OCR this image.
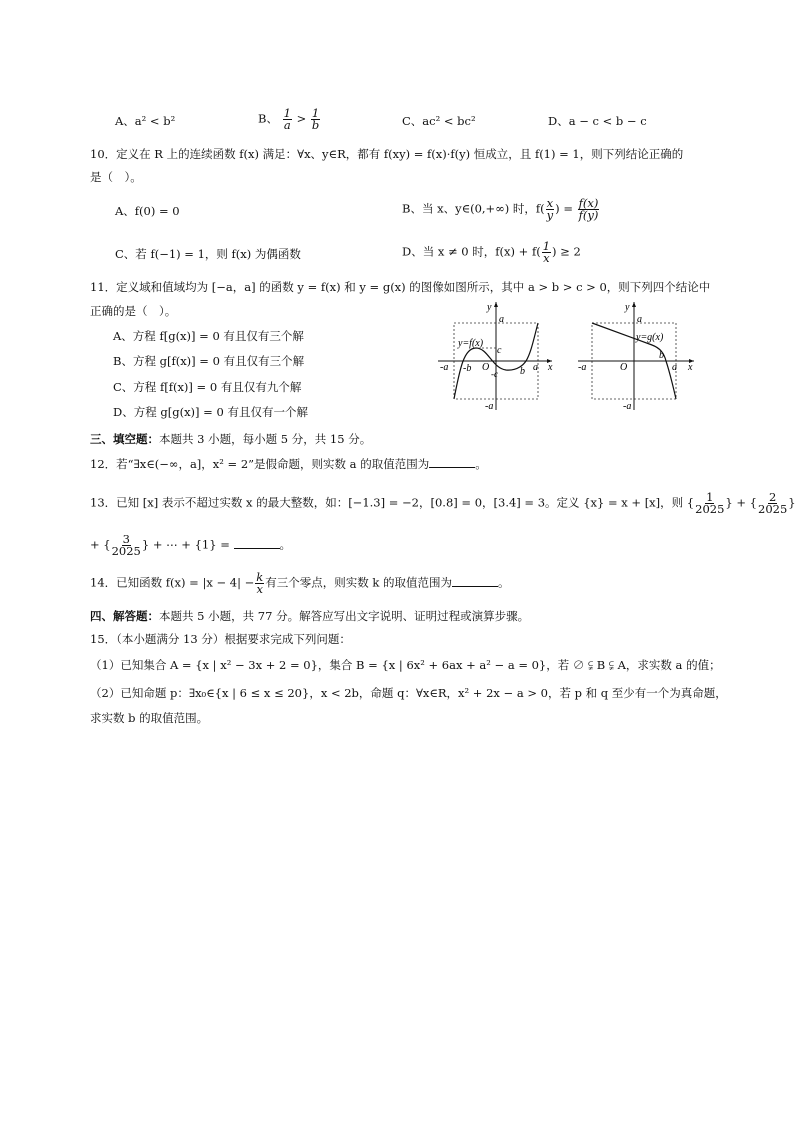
A、a² < b²	B、 $\frac{1}{a} > \frac{1}{b}$	C、ac² < bc²	D、a − c < b − c
10．定义在 R 上的连续函数 f(x) 满足：∀x、y∈R，都有 f(xy) = f(x)·f(y) 恒成立，且 f(1) = 1，则下列结论正确的
是（　）。
A、f(0) = 0	B、当 x、y∈(0,+∞) 时，$f( \frac{x}{y}$ ) = $\frac{f(x)}{f(y)}$
C、若 f(−1) = 1，则 f(x) 为偶函数	D、当 x ≠ 0 时，$f(x) + f( \frac{1}{x}$ ) ≥ 2
11．定义域和值域均为 [−a，a] 的函数 y = f(x) 和 y = g(x) 的图像如图所示，其中 a > b > c > 0，则下列四个结论中
正确的是（　）。
A、方程 f[g(x)] = 0 有且仅有三个解
B、方程 g[f(x)] = 0 有且仅有三个解
C、方程 f[f(x)] = 0 有且仅有九个解
D、方程 g[g(x)] = 0 有且仅有一个解
y
x
a
-a	a
-a
y=f(x)
c
-b O
-c b
y
x
a
-a	a
-a
y=g(x)
O
b
三、填空题：本题共 3 小题，每小题 5 分，共 15 分。
12．若“∃x∈(−∞，a]，x² = 2”是假命题，则实数 a 的取值范围为	。
13．已知 [x] 表示不超过实数 x 的最大整数，如：[−1.3] = −2，[0.8] = 0，[3.4] = 3。定义 {x} = x + [x]，则 { $\frac{1}{2025}$ } + { $\frac{2}{2025}$ }
+ { $\frac{3}{2025}$ } + ⋯ + {1} =	。
14．已知函数 $f(x) = |x - 4| - \frac{k}{x}$ 有三个零点，则实数 k 的取值范围为	。
四、解答题：本题共 5 小题，共 77 分。解答应写出文字说明、证明过程或演算步骤。
15．（本小题满分 13 分）根据要求完成下列问题：
（1）已知集合 A = {x | x² − 3x + 2 = 0}，集合 B = {x | 6x² + 6ax + a² − a = 0}，若 ∅ ⫋ B ⫋ A，求实数 a 的值；
（2）已知命题 p：∃x₀∈{x | 6 ≤ x ≤ 20}，x < 2b，命题 q：∀x∈R，x² + 2x − a > 0，若 p 和 q 至少有一个为真命题，
求实数 b 的取值范围。
